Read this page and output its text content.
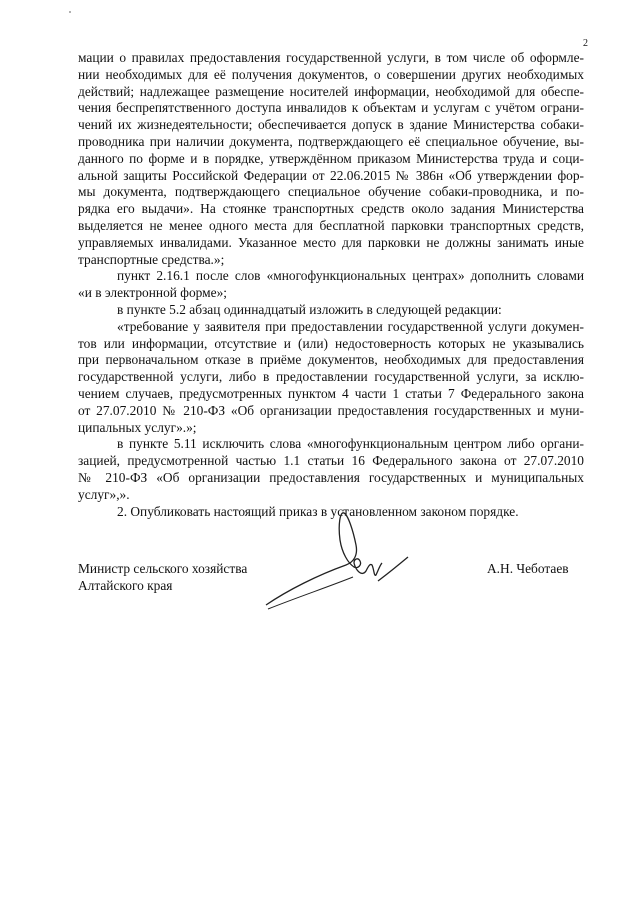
2
мации о правилах предоставления государственной услуги, в том числе об оформле-
нии необходимых для её получения документов, о совершении других необходимых
действий; надлежащее размещение носителей информации, необходимой для обеспе-
чения беспрепятственного доступа инвалидов к объектам и услугам с учётом ограни-
чений их жизнедеятельности; обеспечивается допуск в здание Министерства собаки-
проводника при наличии документа, подтверждающего её специальное обучение, вы-
данного по форме и в порядке, утверждённом приказом Министерства труда и соци-
альной защиты Российской Федерации от 22.06.2015 № 386н «Об утверждении фор-
мы документа, подтверждающего специальное обучение собаки-проводника, и по-
рядка его выдачи». На стоянке транспортных средств около задания Министерства
выделяется не менее одного места для бесплатной парковки транспортных средств,
управляемых инвалидами. Указанное место для парковки не должны занимать иные
транспортные средства.»;
пункт 2.16.1 после слов «многофункциональных центрах» дополнить словами
«и в электронной форме»;
в пункте 5.2 абзац одиннадцатый изложить в следующей редакции:
«требование у заявителя при предоставлении государственной услуги докумен-
тов или информации, отсутствие и (или) недостоверность которых не указывались
при первоначальном отказе в приёме документов, необходимых для предоставления
государственной услуги, либо в предоставлении государственной услуги, за исклю-
чением случаев, предусмотренных пунктом 4 части 1 статьи 7 Федерального закона
от 27.07.2010 № 210-ФЗ «Об организации предоставления государственных и муни-
ципальных услуг».»;
в пункте 5.11 исключить слова «многофункциональным центром либо органи-
зацией, предусмотренной частью 1.1 статьи 16 Федерального закона от 27.07.2010
№ 210-ФЗ «Об организации предоставления государственных и муниципальных
услуг»,».
2. Опубликовать настоящий приказ в установленном законом порядке.
Министр сельского хозяйства
Алтайского края
А.Н. Чеботаев
